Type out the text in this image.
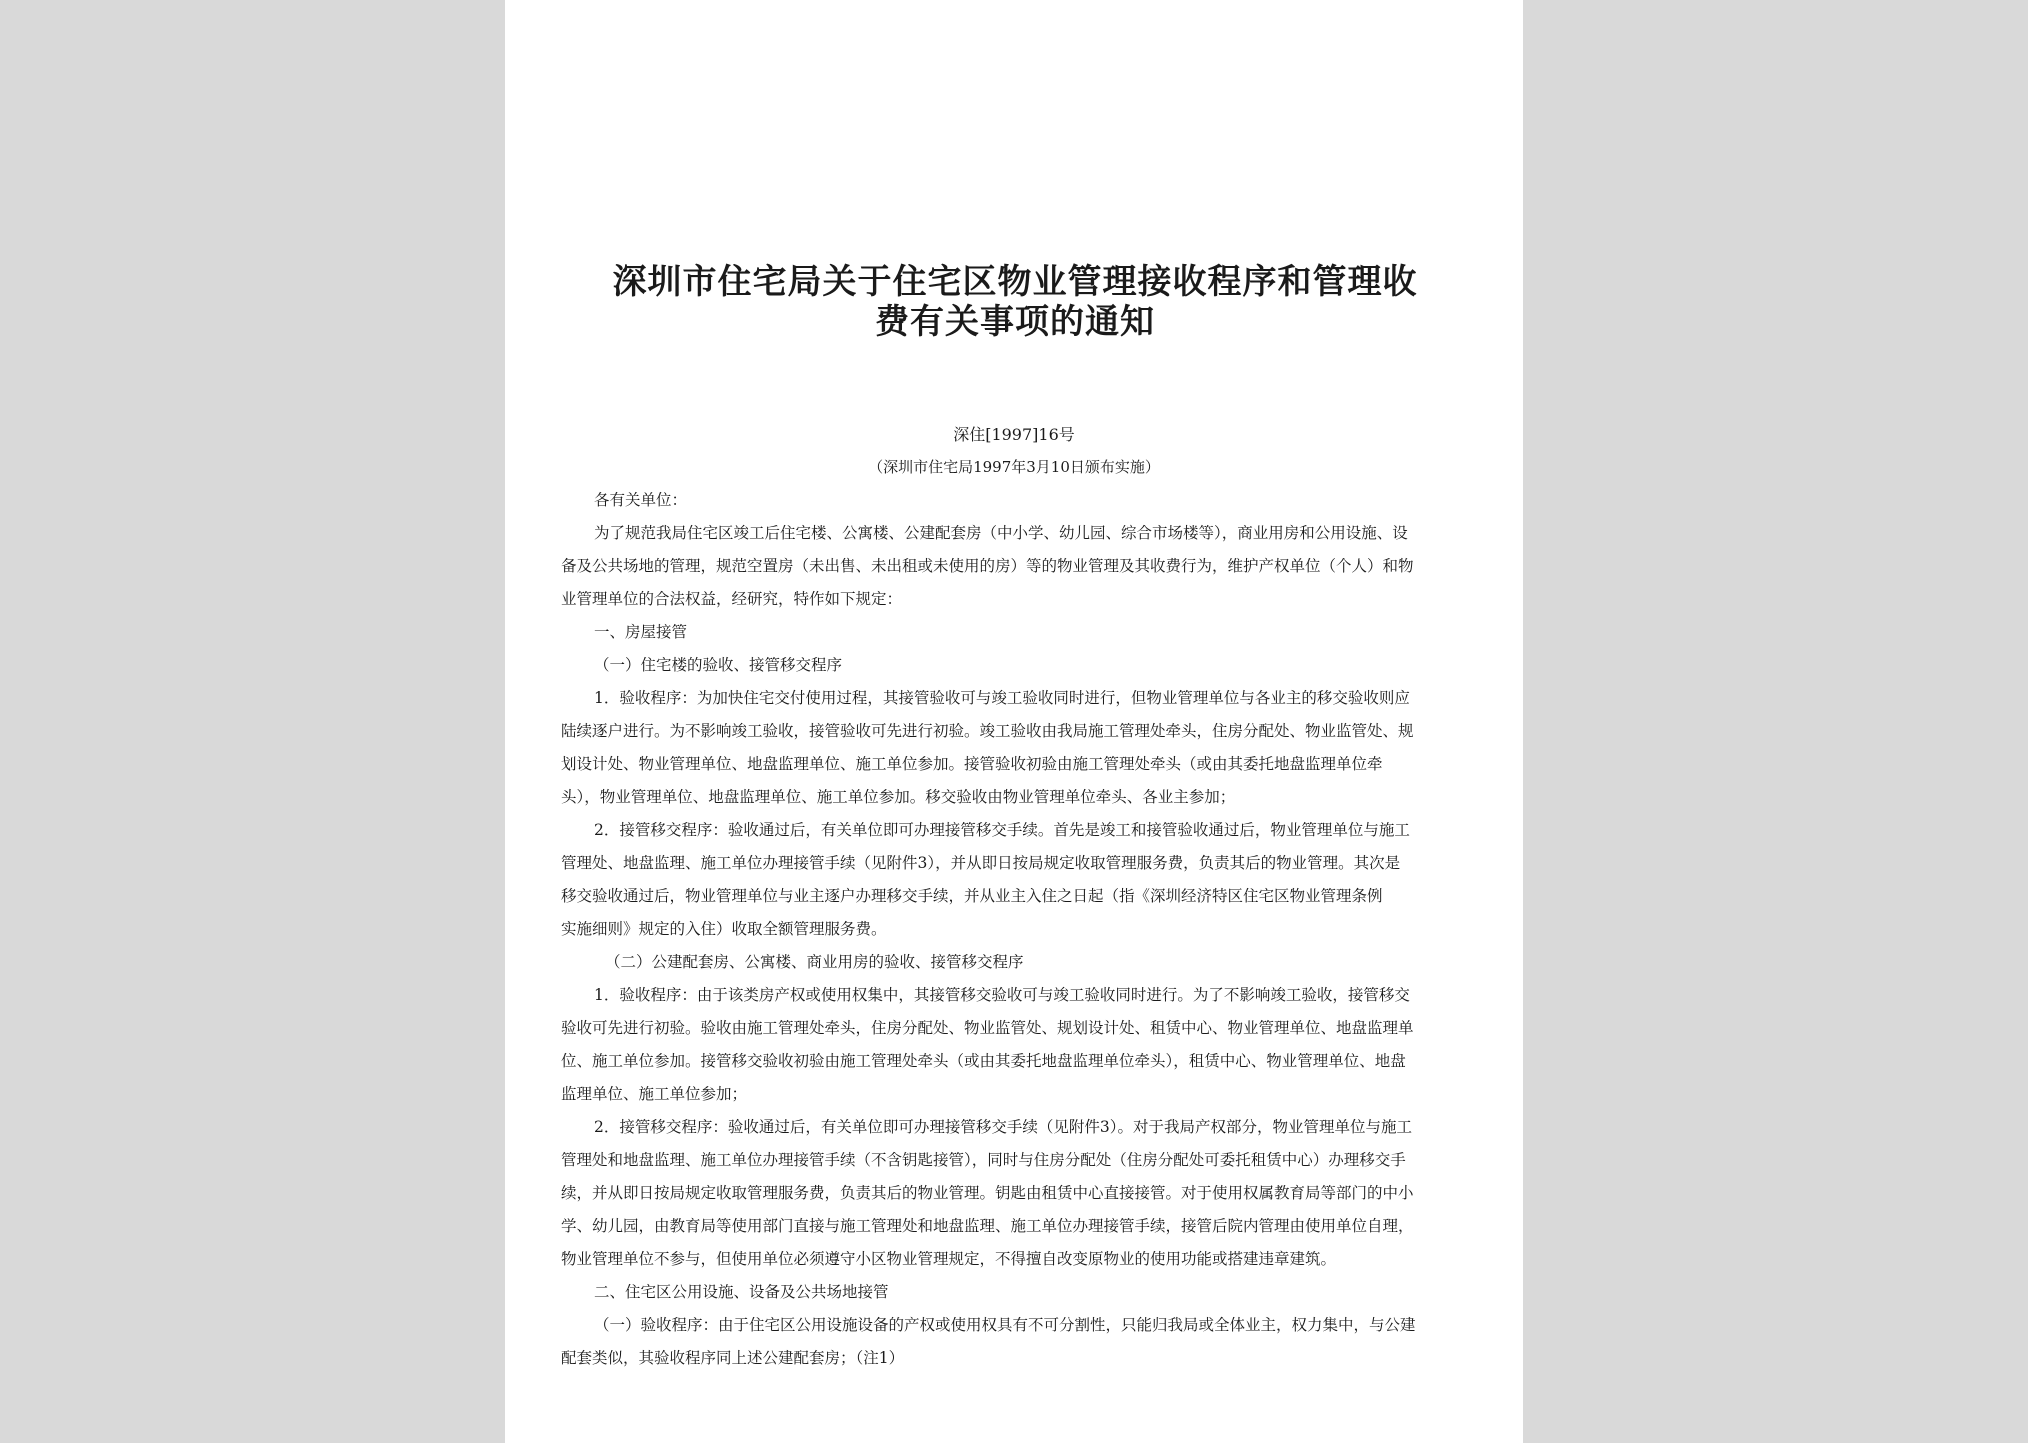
深圳市住宅局关于住宅区物业管理接收程序和管理收
费有关事项的通知
深住[1997]16号
（深圳市住宅局1997年3月10日颁布实施）
各有关单位：
为了规范我局住宅区竣工后住宅楼、公寓楼、公建配套房（中小学、幼儿园、综合市场楼等），商业用房和公用设施、设
备及公共场地的管理，规范空置房（未出售、未出租或未使用的房）等的物业管理及其收费行为，维护产权单位（个人）和物
业管理单位的合法权益，经研究，特作如下规定：
一、房屋接管
（一）住宅楼的验收、接管移交程序
1．验收程序：为加快住宅交付使用过程，其接管验收可与竣工验收同时进行，但物业管理单位与各业主的移交验收则应
陆续逐户进行。为不影响竣工验收，接管验收可先进行初验。竣工验收由我局施工管理处牵头，住房分配处、物业监管处、规
划设计处、物业管理单位、地盘监理单位、施工单位参加。接管验收初验由施工管理处牵头（或由其委托地盘监理单位牵
头），物业管理单位、地盘监理单位、施工单位参加。移交验收由物业管理单位牵头、各业主参加；
2．接管移交程序：验收通过后，有关单位即可办理接管移交手续。首先是竣工和接管验收通过后，物业管理单位与施工
管理处、地盘监理、施工单位办理接管手续（见附件3），并从即日按局规定收取管理服务费，负责其后的物业管理。其次是
移交验收通过后，物业管理单位与业主逐户办理移交手续，并从业主入住之日起（指《深圳经济特区住宅区物业管理条例
实施细则》规定的入住）收取全额管理服务费。
（二）公建配套房、公寓楼、商业用房的验收、接管移交程序
1．验收程序：由于该类房产权或使用权集中，其接管移交验收可与竣工验收同时进行。为了不影响竣工验收，接管移交
验收可先进行初验。验收由施工管理处牵头，住房分配处、物业监管处、规划设计处、租赁中心、物业管理单位、地盘监理单
位、施工单位参加。接管移交验收初验由施工管理处牵头（或由其委托地盘监理单位牵头），租赁中心、物业管理单位、地盘
监理单位、施工单位参加；
2．接管移交程序：验收通过后，有关单位即可办理接管移交手续（见附件3）。对于我局产权部分，物业管理单位与施工
管理处和地盘监理、施工单位办理接管手续（不含钥匙接管），同时与住房分配处（住房分配处可委托租赁中心）办理移交手
续，并从即日按局规定收取管理服务费，负责其后的物业管理。钥匙由租赁中心直接接管。对于使用权属教育局等部门的中小
学、幼儿园，由教育局等使用部门直接与施工管理处和地盘监理、施工单位办理接管手续，接管后院内管理由使用单位自理，
物业管理单位不参与，但使用单位必须遵守小区物业管理规定，不得擅自改变原物业的使用功能或搭建违章建筑。
二、住宅区公用设施、设备及公共场地接管
（一）验收程序：由于住宅区公用设施设备的产权或使用权具有不可分割性，只能归我局或全体业主，权力集中，与公建
配套类似，其验收程序同上述公建配套房；（注1）
